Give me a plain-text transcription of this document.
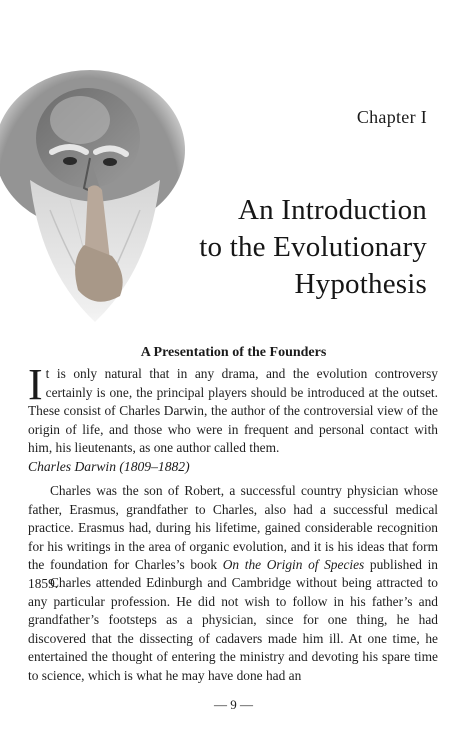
Chapter I
An Introduction
to the Evolutionary
Hypothesis
A Presentation of the Founders
It is only natural that in any drama, and the evolution controversy certainly is one, the principal players should be introduced at the outset. These consist of Charles Darwin, the author of the controversial view of the origin of life, and those who were in frequent and personal contact with him, his lieutenants, as one author called them.
Charles Darwin (1809–1882)

Charles was the son of Robert, a successful country physician whose father, Erasmus, grandfather to Charles, also had a successful medical practice. Erasmus had, during his lifetime, gained considerable recognition for his writings in the area of organic evolution, and it is his ideas that form the foundation for Charles’s book On the Origin of Species published in 1859.

Charles attended Edinburgh and Cambridge without being attracted to any particular profession. He did not wish to follow in his father’s and grandfather’s footsteps as a physician, since for one thing, he had discovered that the dissecting of cadavers made him ill. At one time, he entertained the thought of entering the ministry and devoting his spare time to science, which is what he may have done had an

— 9 —
